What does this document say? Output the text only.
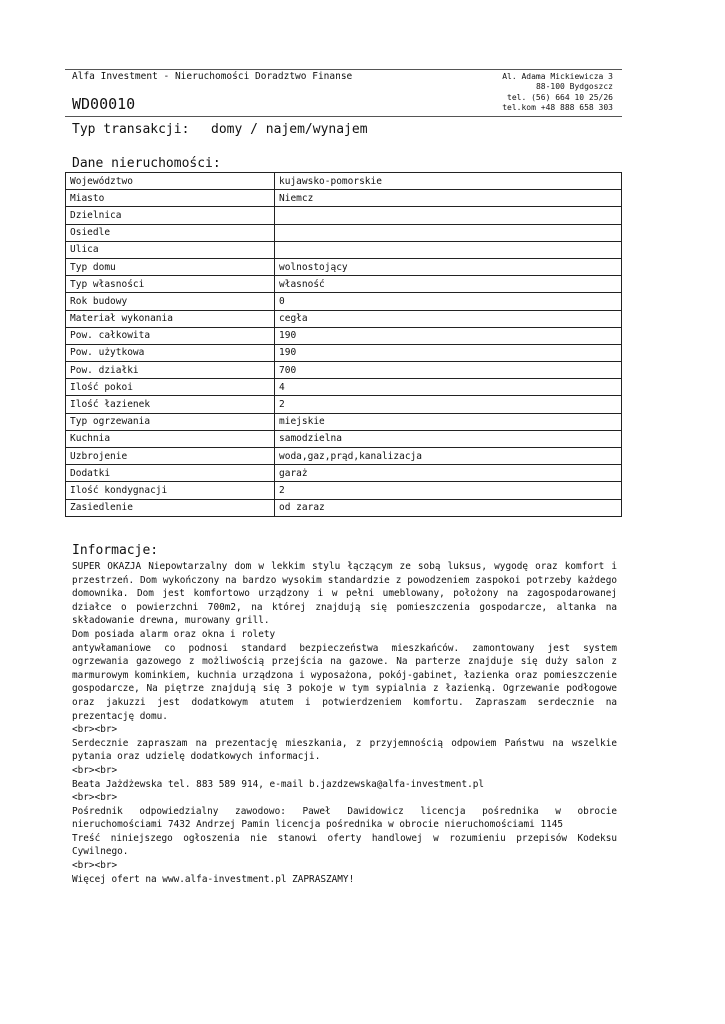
Alfa Investment - Nieruchomości Doradztwo Finanse
WD00010
Al. Adama Mickiewicza 3
88-100 Bydgoszcz
tel. (56) 664 10 25/26
tel.kom +48 888 658 303
Typ transakcji: domy / najem/wynajem
Dane nieruchomości:
Województwo	kujawsko-pomorskie
Miasto	Niemcz
Dzielnica	
Osiedle	
Ulica	
Typ domu	wolnostojący
Typ własności	własność
Rok budowy	0
Materiał wykonania	cegła
Pow. całkowita	190
Pow. użytkowa	190
Pow. działki	700
Ilość pokoi	4
Ilość łazienek	2
Typ ogrzewania	miejskie
Kuchnia	samodzielna
Uzbrojenie	woda,gaz,prąd,kanalizacja
Dodatki	garaż
Ilość kondygnacji	2
Zasiedlenie	od zaraz
Informacje:

SUPER OKAZJA Niepowtarzalny dom w lekkim stylu łączącym ze sobą luksus, wygodę oraz komfort i przestrzeń. Dom wykończony na bardzo wysokim standardzie z powodzeniem zaspokoi potrzeby każdego domownika. Dom jest komfortowo urządzony i w pełni umeblowany, położony na zagospodarowanej działce o powierzchni 700m2, na której znajdują się pomieszczenia gospodarcze, altanka na składowanie drewna, murowany grill.

Dom posiada alarm oraz okna i rolety

antywłamaniowe co podnosi standard bezpieczeństwa mieszkańców. zamontowany jest system ogrzewania gazowego z możliwością przejścia na gazowe. Na parterze znajduje się duży salon z marmurowym kominkiem, kuchnia urządzona i wyposażona, pokój-gabinet, łazienka oraz pomieszczenie gospodarcze, Na piętrze znajdują się 3 pokoje w tym sypialnia z łazienką. Ogrzewanie podłogowe oraz jakuzzi jest dodatkowym atutem i potwierdzeniem komfortu. Zapraszam serdecznie na prezentację domu.

<br><br>

Serdecznie zapraszam na prezentację mieszkania, z przyjemnością odpowiem Państwu na wszelkie pytania oraz udzielę dodatkowych informacji.

<br><br>

Beata Jażdżewska tel. 883 589 914, e-mail b.jazdzewska@alfa-investment.pl

<br><br>

Pośrednik odpowiedzialny zawodowo: Paweł Dawidowicz licencja pośrednika w obrocie nieruchomościami 7432 Andrzej Pamin licencja pośrednika w obrocie nieruchomościami 1145

Treść niniejszego ogłoszenia nie stanowi oferty handlowej w rozumieniu przepisów Kodeksu Cywilnego.

<br><br>

Więcej ofert na www.alfa-investment.pl ZAPRASZAMY!
